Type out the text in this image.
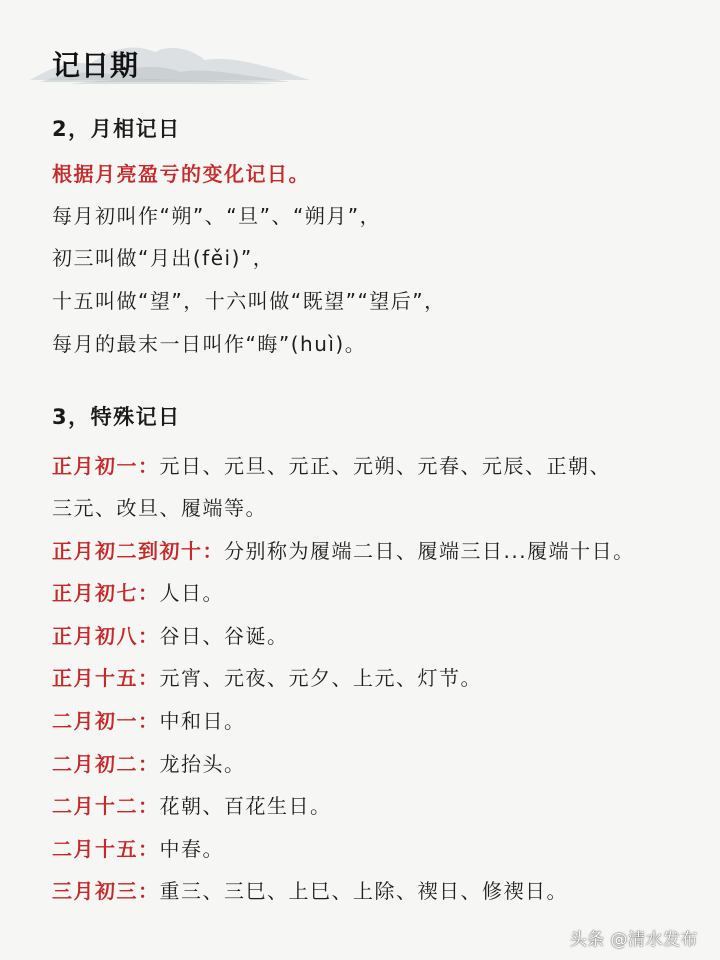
记日期
2，月相记日
根据月亮盈亏的变化记日。
每月初叫作“朔”、“旦”、“朔月”，
初三叫做“月出(fěi)”，
十五叫做“望”，十六叫做“既望”“望后”，
每月的最末一日叫作“晦”(huì)。
3，特殊记日
正月初一：元日、元旦、元正、元朔、元春、元辰、正朝、
三元、改旦、履端等。
正月初二到初十：分别称为履端二日、履端三日...履端十日。
正月初七：人日。
正月初八：谷日、谷诞。
正月十五：元宵、元夜、元夕、上元、灯节。
二月初一：中和日。
二月初二：龙抬头。
二月十二：花朝、百花生日。
二月十五：中春。
三月初三：重三、三巳、上巳、上除、禊日、修禊日。
头条 @清水发布
